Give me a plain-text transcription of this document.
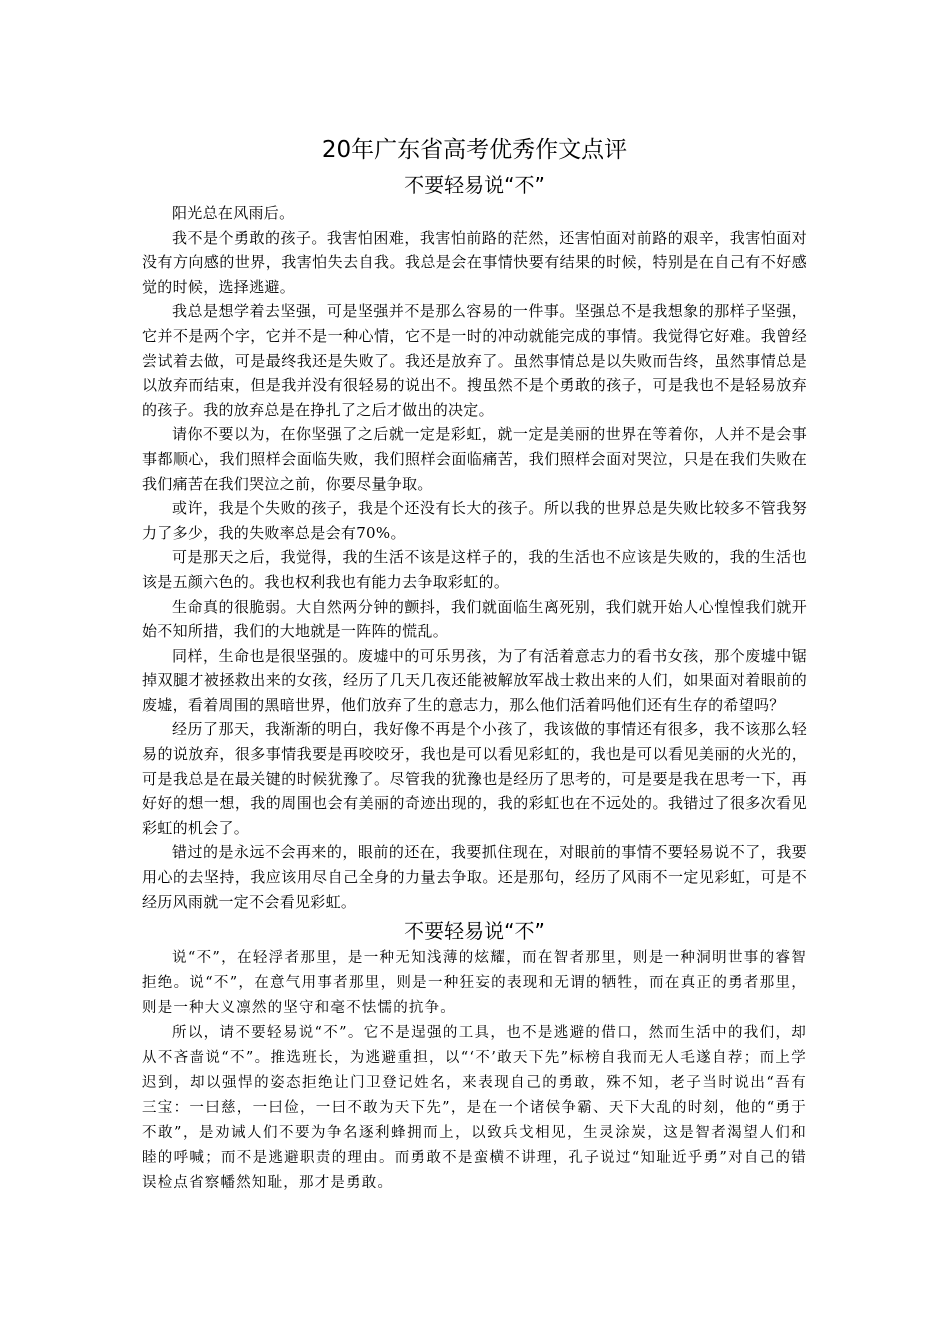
20年广东省高考优秀作文点评
不要轻易说“不”

阳光总在风雨后。

我不是个勇敢的孩子。我害怕困难，我害怕前路的茫然，还害怕面对前路的艰辛，我害怕面对没有方向感的世界，我害怕失去自我。我总是会在事情快要有结果的时候，特别是在自己有不好感觉的时候，选择逃避。

我总是想学着去坚强，可是坚强并不是那么容易的一件事。坚强总不是我想象的那样子坚强，它并不是两个字，它并不是一种心情，它不是一时的冲动就能完成的事情。我觉得它好难。我曾经尝试着去做，可是最终我还是失败了。我还是放弃了。虽然事情总是以失败而告终，虽然事情总是以放弃而结束，但是我并没有很轻易的说出不。搜虽然不是个勇敢的孩子，可是我也不是轻易放弃的孩子。我的放弃总是在挣扎了之后才做出的决定。

请你不要以为，在你坚强了之后就一定是彩虹，就一定是美丽的世界在等着你，人并不是会事事都顺心，我们照样会面临失败，我们照样会面临痛苦，我们照样会面对哭泣，只是在我们失败在我们痛苦在我们哭泣之前，你要尽量争取。

或许，我是个失败的孩子，我是个还没有长大的孩子。所以我的世界总是失败比较多不管我努力了多少，我的失败率总是会有70%。

可是那天之后，我觉得，我的生活不该是这样子的，我的生活也不应该是失败的，我的生活也该是五颜六色的。我也权利我也有能力去争取彩虹的。

生命真的很脆弱。大自然两分钟的颤抖，我们就面临生离死别，我们就开始人心惶惶我们就开始不知所措，我们的大地就是一阵阵的慌乱。

同样，生命也是很坚强的。废墟中的可乐男孩，为了有活着意志力的看书女孩，那个废墟中锯掉双腿才被拯救出来的女孩，经历了几天几夜还能被解放军战士救出来的人们，如果面对着眼前的废墟，看着周围的黑暗世界，他们放弃了生的意志力，那么他们活着吗他们还有生存的希望吗？

经历了那天，我渐渐的明白，我好像不再是个小孩了，我该做的事情还有很多，我不该那么轻易的说放弃，很多事情我要是再咬咬牙，我也是可以看见彩虹的，我也是可以看见美丽的火光的，可是我总是在最关键的时候犹豫了。尽管我的犹豫也是经历了思考的，可是要是我在思考一下，再好好的想一想，我的周围也会有美丽的奇迹出现的，我的彩虹也在不远处的。我错过了很多次看见彩虹的机会了。

错过的是永远不会再来的，眼前的还在，我要抓住现在，对眼前的事情不要轻易说不了，我要用心的去坚持，我应该用尽自己全身的力量去争取。还是那句，经历了风雨不一定见彩虹，可是不经历风雨就一定不会看见彩虹。

不要轻易说“不”

说“不”，在轻浮者那里，是一种无知浅薄的炫耀，而在智者那里，则是一种洞明世事的睿智拒绝。说“不”，在意气用事者那里，则是一种狂妄的表现和无谓的牺牲，而在真正的勇者那里，则是一种大义凛然的坚守和毫不怯懦的抗争。

所以，请不要轻易说“不”。它不是逞强的工具，也不是逃避的借口，然而生活中的我们，却从不吝啬说“不”。推选班长，为逃避重担，以“‘不’敢天下先”标榜自我而无人毛遂自荐；而上学迟到，却以强悍的姿态拒绝让门卫登记姓名，来表现自己的勇敢，殊不知，老子当时说出“吾有三宝：一曰慈，一曰俭，一曰不敢为天下先”，是在一个诸侯争霸、天下大乱的时刻，他的“勇于不敢”，是劝诫人们不要为争名逐利蜂拥而上，以致兵戈相见，生灵涂炭，这是智者渴望人们和睦的呼喊；而不是逃避职责的理由。而勇敢不是蛮横不讲理，孔子说过“知耻近乎勇”对自己的错误检点省察幡然知耻，那才是勇敢。
